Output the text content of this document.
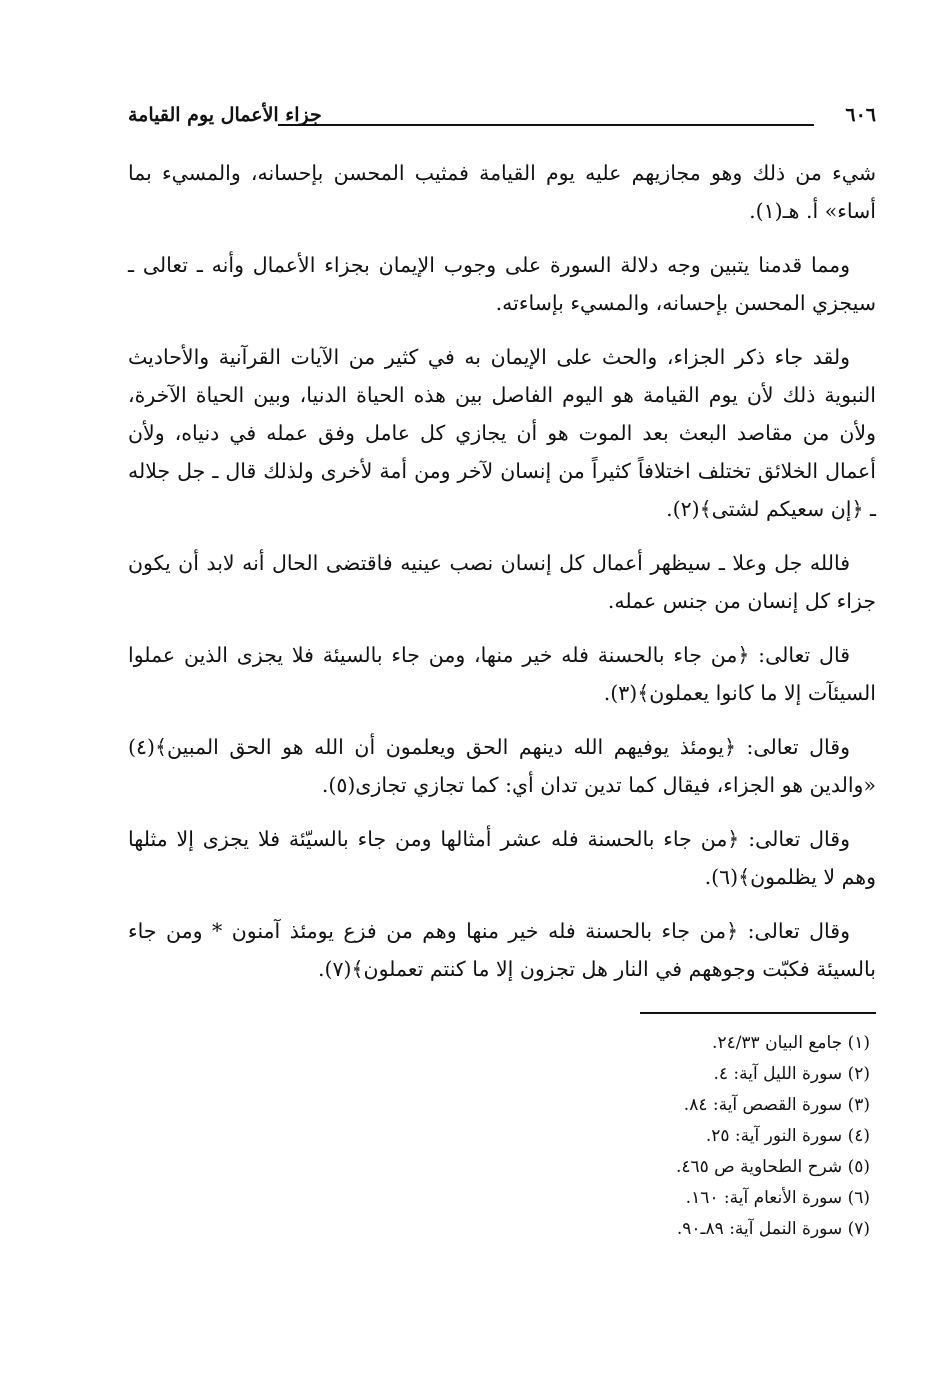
٦٠٦
جزاء الأعمال يوم القيامة

شيء من ذلك وهو مجازيهم عليه يوم القيامة فمثيب المحسن بإحسانه، والمسيء بما أساء» أ. هـ(١).

ومما قدمنا يتبين وجه دلالة السورة على وجوب الإيمان بجزاء الأعمال وأنه ـ تعالى ـ سيجزي المحسن بإحسانه، والمسيء بإساءته.

ولقد جاء ذكر الجزاء، والحث على الإيمان به في كثير من الآيات القرآنية والأحاديث النبوية ذلك لأن يوم القيامة هو اليوم الفاصل بين هذه الحياة الدنيا، وبين الحياة الآخرة، ولأن من مقاصد البعث بعد الموت هو أن يجازي كل عامل وفق عمله في دنياه، ولأن أعمال الخلائق تختلف اختلافاً كثيراً من إنسان لآخر ومن أمة لأخرى ولذلك قال ـ جل جلاله ـ ﴿إن سعيكم لشتى﴾(٢).

فالله جل وعلا ـ سيظهر أعمال كل إنسان نصب عينيه فاقتضى الحال أنه لابد أن يكون جزاء كل إنسان من جنس عمله.

قال تعالى: ﴿من جاء بالحسنة فله خير منها، ومن جاء بالسيئة فلا يجزى الذين عملوا السيئآت إلا ما كانوا يعملون﴾(٣).

وقال تعالى: ﴿يومئذ يوفيهم الله دينهم الحق ويعلمون أن الله هو الحق المبين﴾(٤) «والدين هو الجزاء، فيقال كما تدين تدان أي: كما تجازي تجازى(٥).

وقال تعالى: ﴿من جاء بالحسنة فله عشر أمثالها ومن جاء بالسيّئة فلا يجزى إلا مثلها وهم لا يظلمون﴾(٦).

وقال تعالى: ﴿من جاء بالحسنة فله خير منها وهم من فزع يومئذ آمنون * ومن جاء بالسيئة فكبّت وجوههم في النار هل تجزون إلا ما كنتم تعملون﴾(٧).

(١) جامع البيان ٢٤/٣٣.
(٢) سورة الليل آية: ٤.
(٣) سورة القصص آية: ٨٤.
(٤) سورة النور آية: ٢٥.
(٥) شرح الطحاوية ص ٤٦٥.
(٦) سورة الأنعام آية: ١٦٠.
(٧) سورة النمل آية: ٨٩ـ٩٠.
